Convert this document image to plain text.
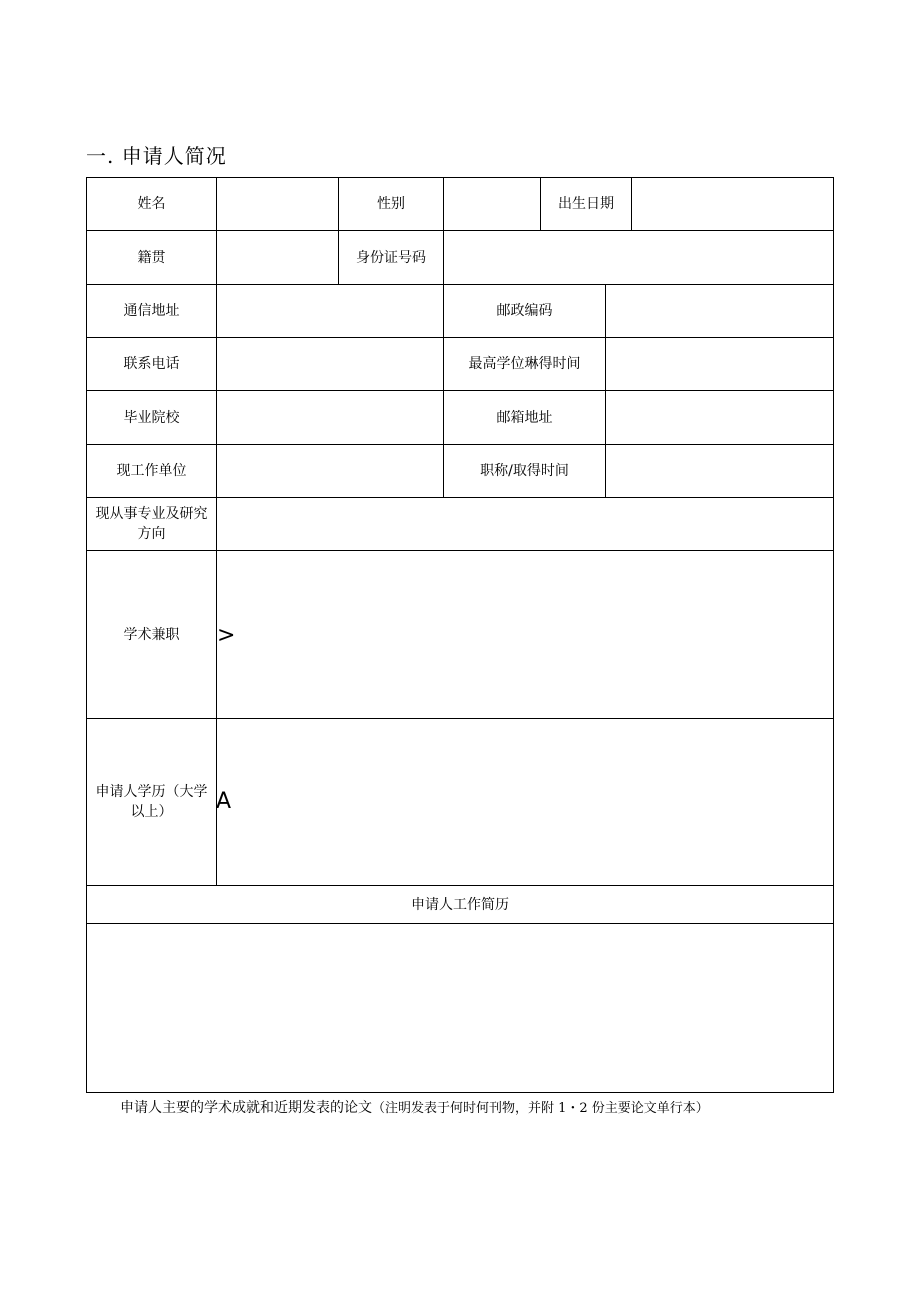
一. 申请人简况
姓名	性别	出生日期
籍贯	身份证号码
通信地址	邮政编码
联系电话	最高学位琳得时间
毕业院校	邮箱地址
现工作单位	职称/取得时间
现从事专业及研究方向
学术兼职	>
申请人学历（大学以上）	A
申请人工作简历
申请人主要的学术成就和近期发表的论文（注明发表于何时何刊物，并附 1・2 份主要论文单行本）
